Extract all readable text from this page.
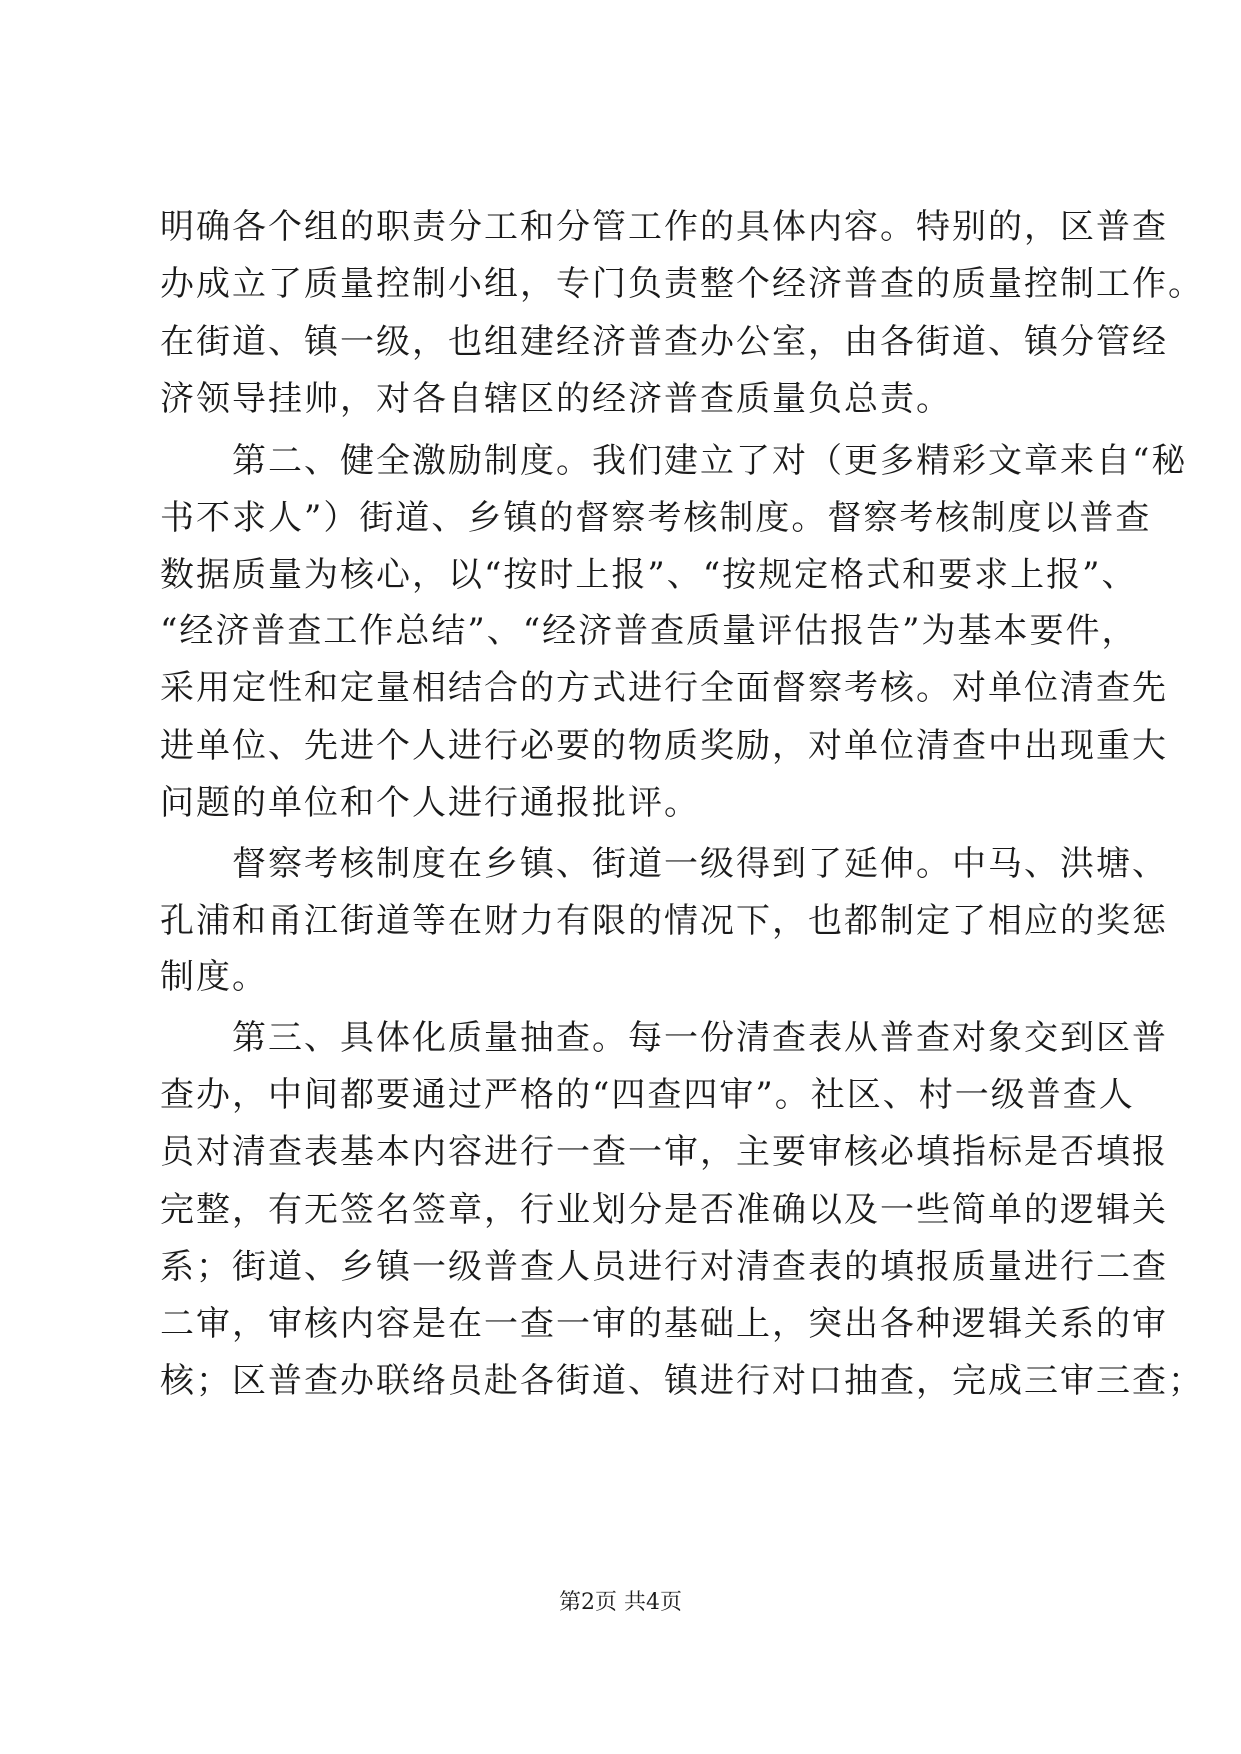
明确各个组的职责分工和分管工作的具体内容。特别的，区普查
办成立了质量控制小组，专门负责整个经济普查的质量控制工作。
在街道、镇一级，也组建经济普查办公室，由各街道、镇分管经
济领导挂帅，对各自辖区的经济普查质量负总责。
　　第二、健全激励制度。我们建立了对（更多精彩文章来自“秘
书不求人”）街道、乡镇的督察考核制度。督察考核制度以普查
数据质量为核心，以“按时上报”、“按规定格式和要求上报”、
“经济普查工作总结”、“经济普查质量评估报告”为基本要件，
采用定性和定量相结合的方式进行全面督察考核。对单位清查先
进单位、先进个人进行必要的物质奖励，对单位清查中出现重大
问题的单位和个人进行通报批评。
　　督察考核制度在乡镇、街道一级得到了延伸。中马、洪塘、
孔浦和甬江街道等在财力有限的情况下，也都制定了相应的奖惩
制度。
　　第三、具体化质量抽查。每一份清查表从普查对象交到区普
查办，中间都要通过严格的“四查四审”。社区、村一级普查人
员对清查表基本内容进行一查一审，主要审核必填指标是否填报
完整，有无签名签章，行业划分是否准确以及一些简单的逻辑关
系；街道、乡镇一级普查人员进行对清查表的填报质量进行二查
二审，审核内容是在一查一审的基础上，突出各种逻辑关系的审
核；区普查办联络员赴各街道、镇进行对口抽查，完成三审三查；
第2页 共4页
